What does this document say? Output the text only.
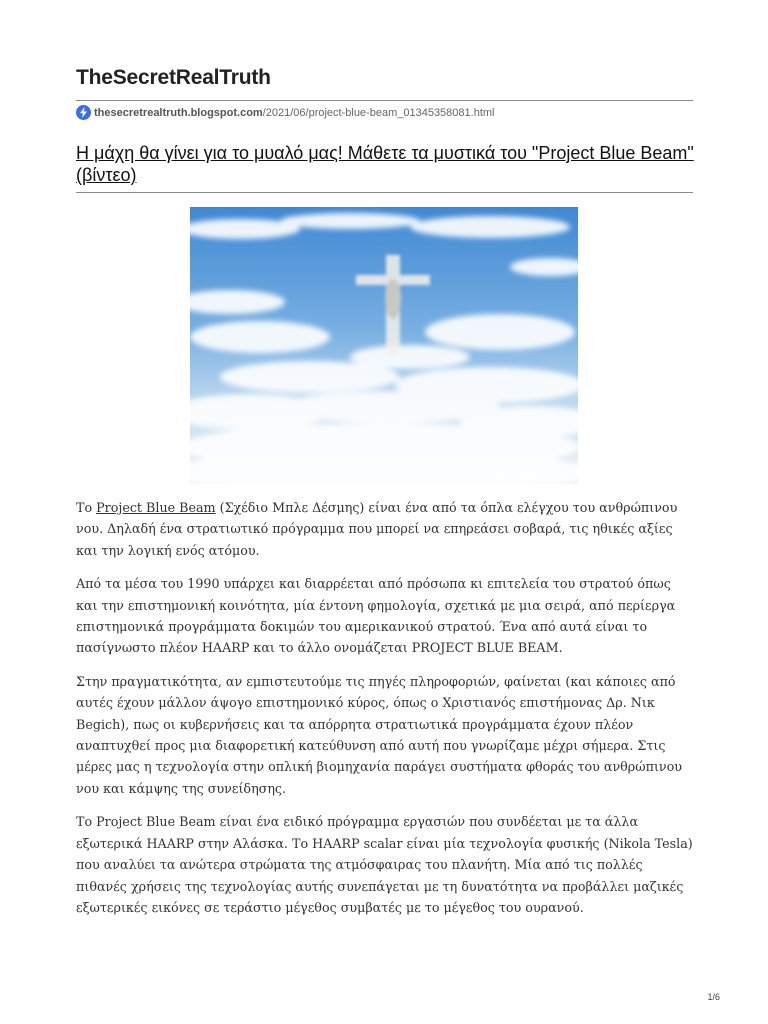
TheSecretRealTruth
thesecretrealtruth.blogspot.com /2021/06/project-blue-beam_01345358081.html
Η μάχη θα γίνει για το μυαλό μας! Μάθετε τα μυστικά του "Project Blue Beam" (βίντεο)
PROJECT BLUEBEAM.COM

Το Project Blue Beam (Σχέδιο Μπλε Δέσμης) είναι ένα από τα όπλα ελέγχου του ανθρώπινου νου. Δηλαδή ένα στρατιωτικό πρόγραμμα που μπορεί να επηρεάσει σοβαρά, τις ηθικές αξίες και την λογική ενός ατόμου.

Από τα μέσα του 1990 υπάρχει και διαρρέεται από πρόσωπα κι επιτελεία του στρατού όπως και την επιστημονική κοινότητα, μία έντονη φημολογία, σχετικά με μια σειρά, από περίεργα επιστημονικά προγράμματα δοκιμών του αμερικανικού στρατού. Ένα από αυτά είναι το πασίγνωστο πλέον HAARP και το άλλο ονομάζεται PROJECT BLUE BEAM.

Στην πραγματικότητα, αν εμπιστευτούμε τις πηγές πληροφοριών, φαίνεται (και κάποιες από αυτές έχουν μάλλον άψογο επιστημονικό κύρος, όπως ο Χριστιανός επιστήμονας Δρ. Νικ Begich), πως οι κυβερνήσεις και τα απόρρητα στρατιωτικά προγράμματα έχουν πλέον αναπτυχθεί προς μια διαφορετική κατεύθυνση από αυτή που γνωρίζαμε μέχρι σήμερα. Στις μέρες μας η τεχνολογία στην οπλική βιομηχανία παράγει συστήματα φθοράς του ανθρώπινου νου και κάμψης της συνείδησης.

Το Project Blue Beam είναι ένα ειδικό πρόγραμμα εργασιών που συνδέεται με τα άλλα εξωτερικά HAARP στην Αλάσκα. Το HAARP scalar είναι μία τεχνολογία φυσικής (Nikola Tesla) που αναλύει τα ανώτερα στρώματα της ατμόσφαιρας του πλανήτη. Μία από τις πολλές πιθανές χρήσεις της τεχνολογίας αυτής συνεπάγεται με τη δυνατότητα να προβάλλει μαζικές εξωτερικές εικόνες σε τεράστιο μέγεθος συμβατές με το μέγεθος του ουρανού.

1/6
